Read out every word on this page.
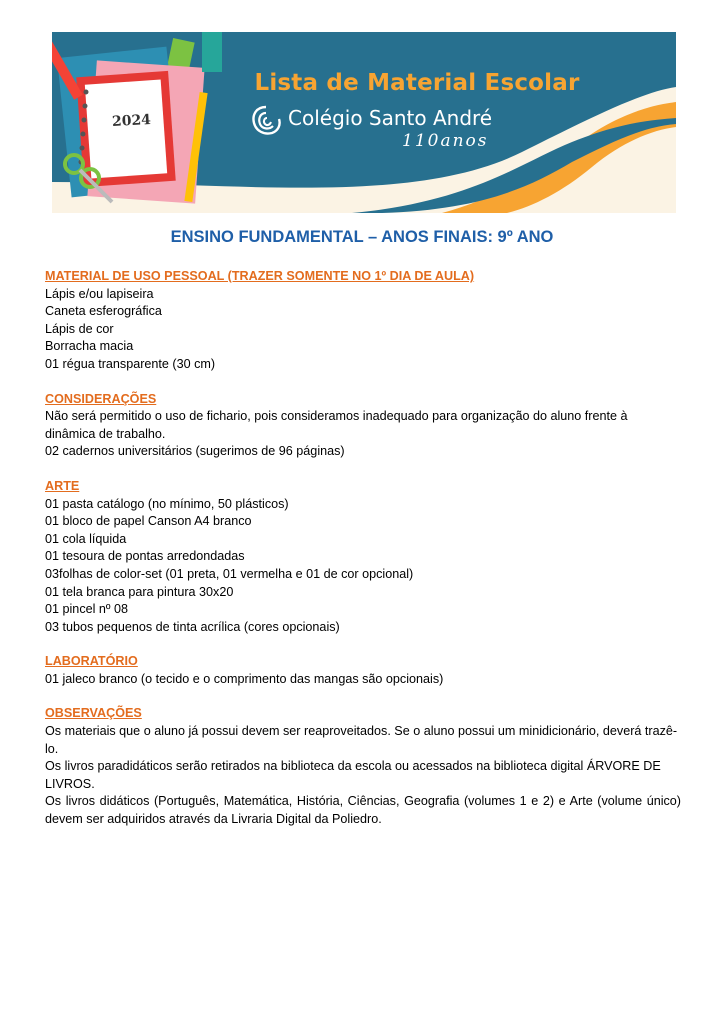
2024
Lista de Material Escolar
Colégio Santo André
110anos
ENSINO FUNDAMENTAL – ANOS FINAIS: 9º ANO

MATERIAL DE USO PESSOAL (TRAZER SOMENTE NO 1º DIA DE AULA)

Lápis e/ou lapiseira

Caneta esferográfica

Lápis de cor

Borracha macia

01 régua transparente (30 cm)

CONSIDERAÇÕES

Não será permitido o uso de fichario, pois consideramos inadequado para organização do aluno frente à dinâmica de trabalho.

02 cadernos universitários (sugerimos de 96 páginas)

ARTE

01 pasta catálogo (no mínimo, 50 plásticos)

01 bloco de papel Canson A4 branco

01 cola líquida

01 tesoura de pontas arredondadas

03folhas de color-set (01 preta, 01 vermelha e 01 de cor opcional)

01 tela branca para pintura 30x20

01 pincel nº 08

03 tubos pequenos de tinta acrílica (cores opcionais)

LABORATÓRIO

01 jaleco branco (o tecido e o comprimento das mangas são opcionais)

OBSERVAÇÕES

Os materiais que o aluno já possui devem ser reaproveitados. Se o aluno possui um minidicionário, deverá trazê-lo.

Os livros paradidáticos serão retirados na biblioteca da escola ou acessados na biblioteca digital ÁRVORE DE LIVROS.

Os livros didáticos (Português, Matemática, História, Ciências, Geografia (volumes 1 e 2) e Arte (volume único) devem ser adquiridos através da Livraria Digital da Poliedro.
